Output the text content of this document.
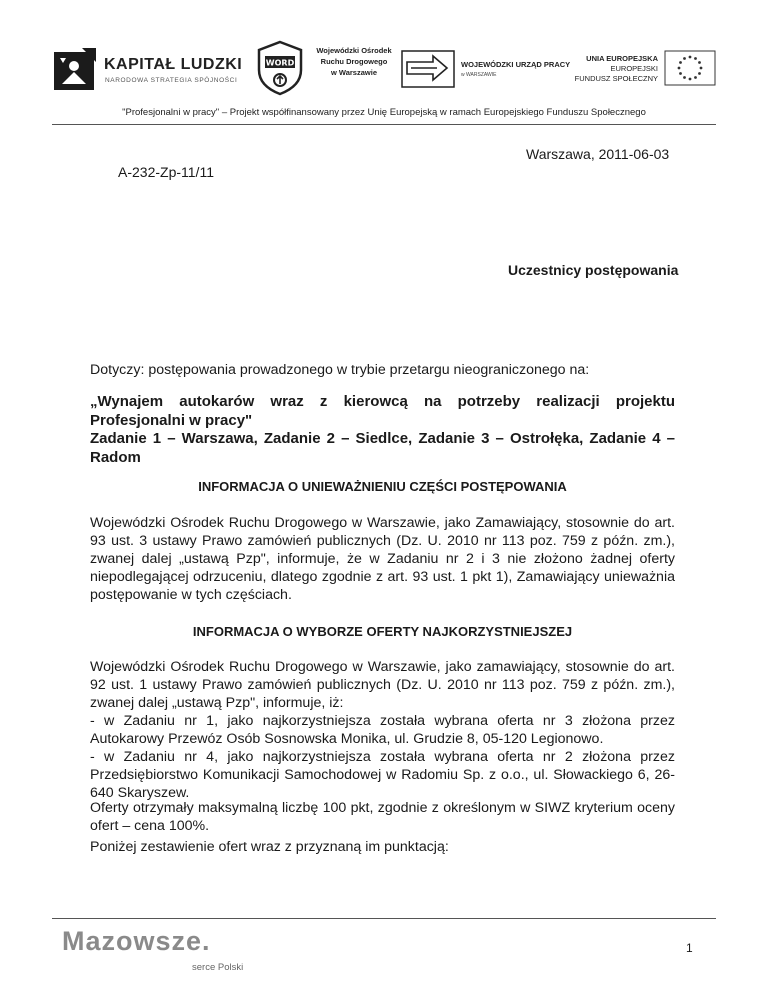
KAPITAŁ LUDZKI
NARODOWA STRATEGIA SPÓJNOŚCI
WORD
Wojewódzki Ośrodek
Ruchu Drogowego
w Warszawie
WOJEWÓDZKI URZĄD PRACY
w WARSZAWIE
UNIA EUROPEJSKA
EUROPEJSKI
FUNDUSZ SPOŁECZNY
"Profesjonalni w pracy" – Projekt współfinansowany przez Unię Europejską w ramach Europejskiego Funduszu Społecznego
Warszawa, 2011-06-03
A-232-Zp-11/11
Uczestnicy postępowania
Dotyczy: postępowania prowadzonego w trybie przetargu nieograniczonego na:
„Wynajem autokarów wraz z kierowcą na potrzeby realizacji projektu Profesjonalni w pracy"
Zadanie 1 – Warszawa, Zadanie 2 – Siedlce, Zadanie 3 – Ostrołęka, Zadanie 4 – Radom
INFORMACJA O UNIEWAŻNIENIU CZĘŚCI POSTĘPOWANIA
Wojewódzki Ośrodek Ruchu Drogowego w Warszawie, jako Zamawiający, stosownie do art. 93 ust. 3 ustawy Prawo zamówień publicznych (Dz. U. 2010 nr 113 poz. 759 z późn. zm.), zwanej dalej „ustawą Pzp", informuje, że w Zadaniu nr 2 i 3 nie złożono żadnej oferty niepodlegającej odrzuceniu, dlatego zgodnie z art. 93 ust. 1 pkt 1), Zamawiający unieważnia postępowanie w tych częściach.
INFORMACJA O WYBORZE OFERTY NAJKORZYSTNIEJSZEJ
Wojewódzki Ośrodek Ruchu Drogowego w Warszawie, jako zamawiający, stosownie do art. 92 ust. 1 ustawy Prawo zamówień publicznych (Dz. U. 2010 nr 113 poz. 759 z późn. zm.), zwanej dalej „ustawą Pzp", informuje, iż:
- w Zadaniu nr 1, jako najkorzystniejsza została wybrana oferta nr 3 złożona przez Autokarowy Przewóz Osób Sosnowska Monika, ul. Grudzie 8, 05-120 Legionowo.
- w Zadaniu nr 4, jako najkorzystniejsza została wybrana oferta nr 2 złożona przez Przedsiębiorstwo Komunikacji Samochodowej w Radomiu Sp. z o.o., ul. Słowackiego 6, 26-640 Skaryszew.
Oferty otrzymały maksymalną liczbę 100 pkt, zgodnie z określonym w SIWZ kryterium oceny ofert – cena 100%.
Poniżej zestawienie ofert wraz z przyznaną im punktacją:
Mazowsze.
serce Polski
1
